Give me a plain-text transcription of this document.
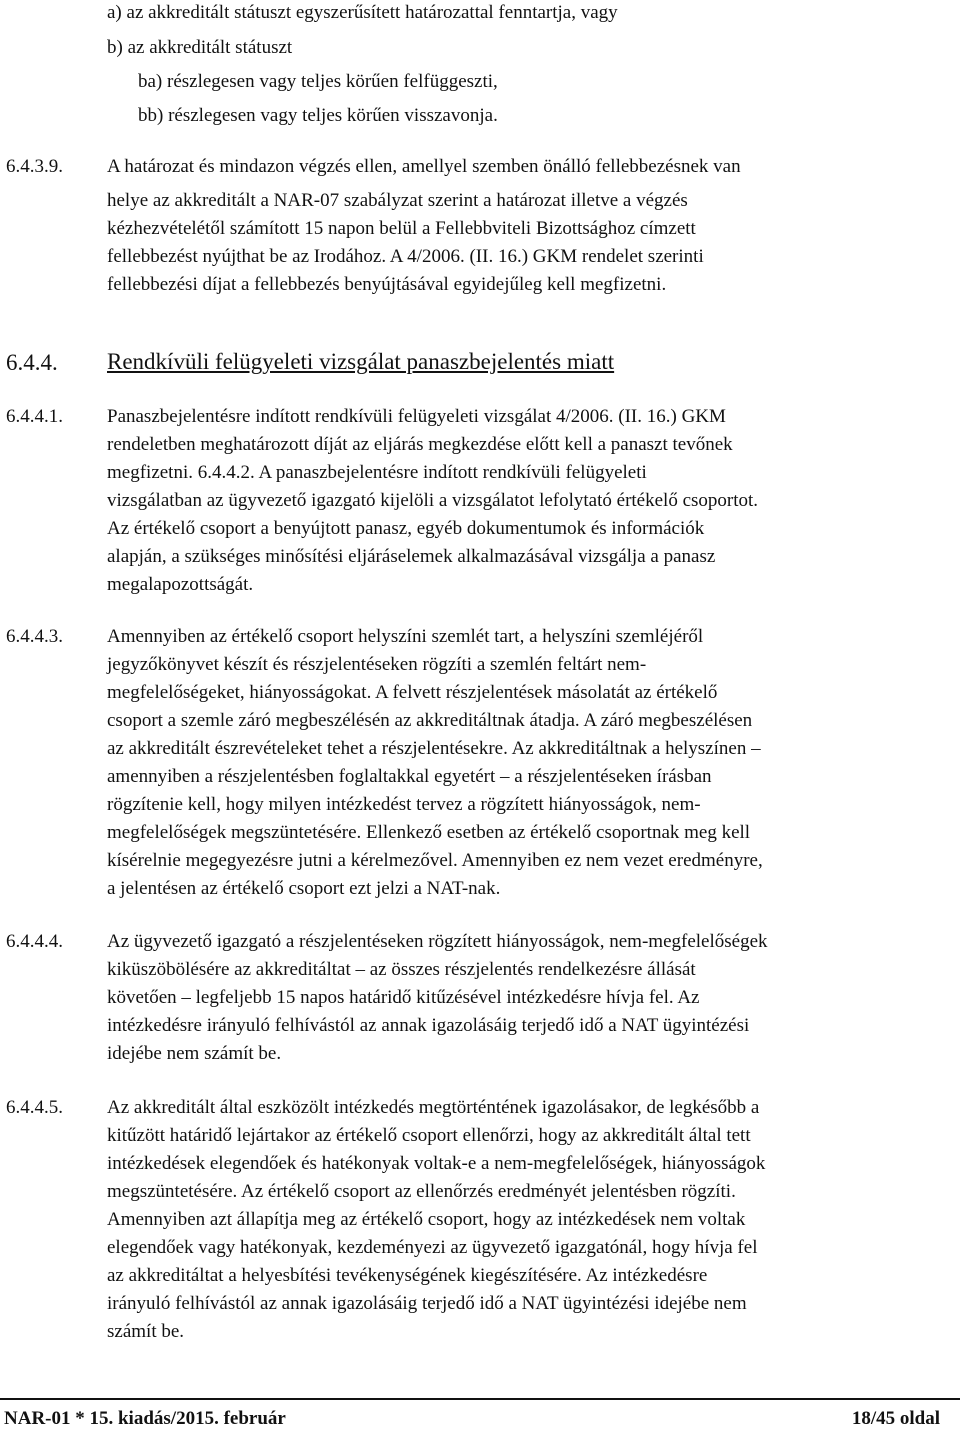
a) az akkreditált státuszt egyszerűsített határozattal fenntartja, vagy
b) az akkreditált státuszt
ba) részlegesen vagy teljes körűen felfüggeszti,
bb) részlegesen vagy teljes körűen visszavonja.
6.4.3.9. A határozat és mindazon végzés ellen, amellyel szemben önálló fellebbezésnek van
helye az akkreditált a NAR-07 szabályzat szerint a határozat illetve a végzés
kézhezvételétől számított 15 napon belül a Fellebbviteli Bizottsághoz címzett
fellebbezést nyújthat be az Irodához. A 4/2006. (II. 16.) GKM rendelet szerinti
fellebbezési díjat a fellebbezés benyújtásával egyidejűleg kell megfizetni.
6.4.4. Rendkívüli felügyeleti vizsgálat panaszbejelentés miatt
6.4.4.1. Panaszbejelentésre indított rendkívüli felügyeleti vizsgálat 4/2006. (II. 16.) GKM
rendeletben meghatározott díját az eljárás megkezdése előtt kell a panaszt tevőnek
megfizetni. 6.4.4.2. A panaszbejelentésre indított rendkívüli felügyeleti
vizsgálatban az ügyvezető igazgató kijelöli a vizsgálatot lefolytató értékelő csoportot.
Az értékelő csoport a benyújtott panasz, egyéb dokumentumok és információk
alapján, a szükséges minősítési eljáráselemek alkalmazásával vizsgálja a panasz
megalapozottságát.
6.4.4.3. Amennyiben az értékelő csoport helyszíni szemlét tart, a helyszíni szemléjéről
jegyzőkönyvet készít és részjelentéseken rögzíti a szemlén feltárt nem-
megfelelőségeket, hiányosságokat. A felvett részjelentések másolatát az értékelő
csoport a szemle záró megbeszélésén az akkreditáltnak átadja. A záró megbeszélésen
az akkreditált észrevételeket tehet a részjelentésekre. Az akkreditáltnak a helyszínen –
amennyiben a részjelentésben foglaltakkal egyetért – a részjelentéseken írásban
rögzítenie kell, hogy milyen intézkedést tervez a rögzített hiányosságok, nem-
megfelelőségek megszüntetésére. Ellenkező esetben az értékelő csoportnak meg kell
kísérelnie megegyezésre jutni a kérelmezővel. Amennyiben ez nem vezet eredményre,
a jelentésen az értékelő csoport ezt jelzi a NAT-nak.
6.4.4.4. Az ügyvezető igazgató a részjelentéseken rögzített hiányosságok, nem-megfelelőségek
kiküszöbölésére az akkreditáltat – az összes részjelentés rendelkezésre állását
követően – legfeljebb 15 napos határidő kitűzésével intézkedésre hívja fel. Az
intézkedésre irányuló felhívástól az annak igazolásáig terjedő idő a NAT ügyintézési
idejébe nem számít be.
6.4.4.5. Az akkreditált által eszközölt intézkedés megtörténtének igazolásakor, de legkésőbb a
kitűzött határidő lejártakor az értékelő csoport ellenőrzi, hogy az akkreditált által tett
intézkedések elegendőek és hatékonyak voltak-e a nem-megfelelőségek, hiányosságok
megszüntetésére. Az értékelő csoport az ellenőrzés eredményét jelentésben rögzíti.
Amennyiben azt állapítja meg az értékelő csoport, hogy az intézkedések nem voltak
elegendőek vagy hatékonyak, kezdeményezi az ügyvezető igazgatónál, hogy hívja fel
az akkreditáltat a helyesbítési tevékenységének kiegészítésére. Az intézkedésre
irányuló felhívástól az annak igazolásáig terjedő idő a NAT ügyintézési idejébe nem
számít be.
NAR-01 * 15. kiadás/2015. február	18/45 oldal
